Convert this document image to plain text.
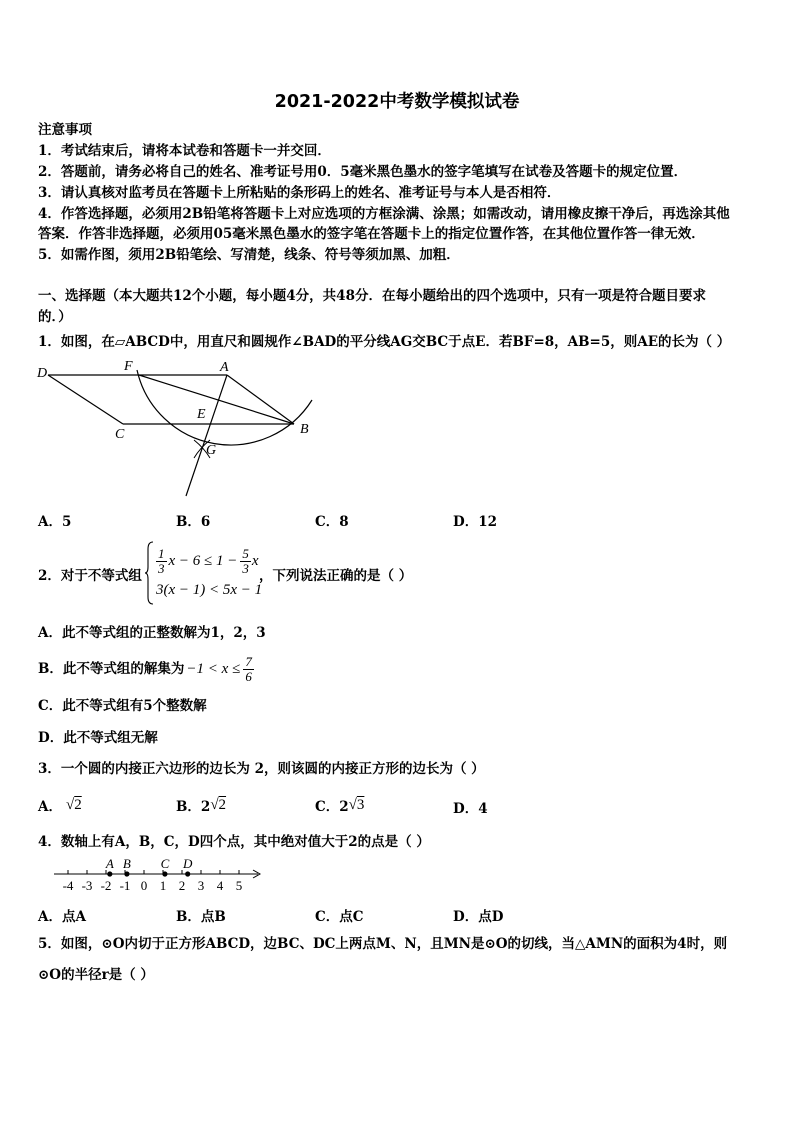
2021-2022中考数学模拟试卷
注意事项
1．考试结束后，请将本试卷和答题卡一并交回．
2．答题前，请务必将自己的姓名、准考证号用0．5毫米黑色墨水的签字笔填写在试卷及答题卡的规定位置．
3．请认真核对监考员在答题卡上所粘贴的条形码上的姓名、准考证号与本人是否相符．
4．作答选择题，必须用2B铅笔将答题卡上对应选项的方框涂满、涂黑；如需改动，请用橡皮擦干净后，再选涂其他
答案．作答非选择题，必须用05毫米黑色墨水的签字笔在答题卡上的指定位置作答，在其他位置作答一律无效．
5．如需作图，须用2B铅笔绘、写清楚，线条、符号等须加黑、加粗．
一、选择题（本大题共12个小题，每小题4分，共48分．在每小题给出的四个选项中，只有一项是符合题目要求
的．）
1．如图，在▱ABCD中，用直尺和圆规作∠BAD的平分线AG交BC于点E．若BF=8，AB=5，则AE的长为（ ）
D	F	A
E
C	B
G
A．5	B．6	C．8	D．12
2．对于不等式组
$\frac{1}{3}$ $x - 6 \le 1 - \frac{5}{3}$ x
3(x − 1) < 5x − 1
，下列说法正确的是（ ）
A．此不等式组的正整数解为1，2，3
B．此不等式组的解集为 $-1 < x \le \frac{7}{6}$
C．此不等式组有5个整数解
D．此不等式组无解
3．一个圆的内接正六边形的边长为 2，则该圆的内接正方形的边长为（ ）
A． √2	B．2 √2	C．2 √3	D．4
4．数轴上有A，B，C，D四个点，其中绝对值大于2的点是（ ）
-4 -3 -2 -1 0 1 2 3 4 5
A B C D
A．点A	B．点B	C．点C	D．点D
5．如图，⊙O内切于正方形ABCD，边BC、DC上两点M、N，且MN是⊙O的切线，当△AMN的面积为4时，则
⊙O的半径r是（ ）
